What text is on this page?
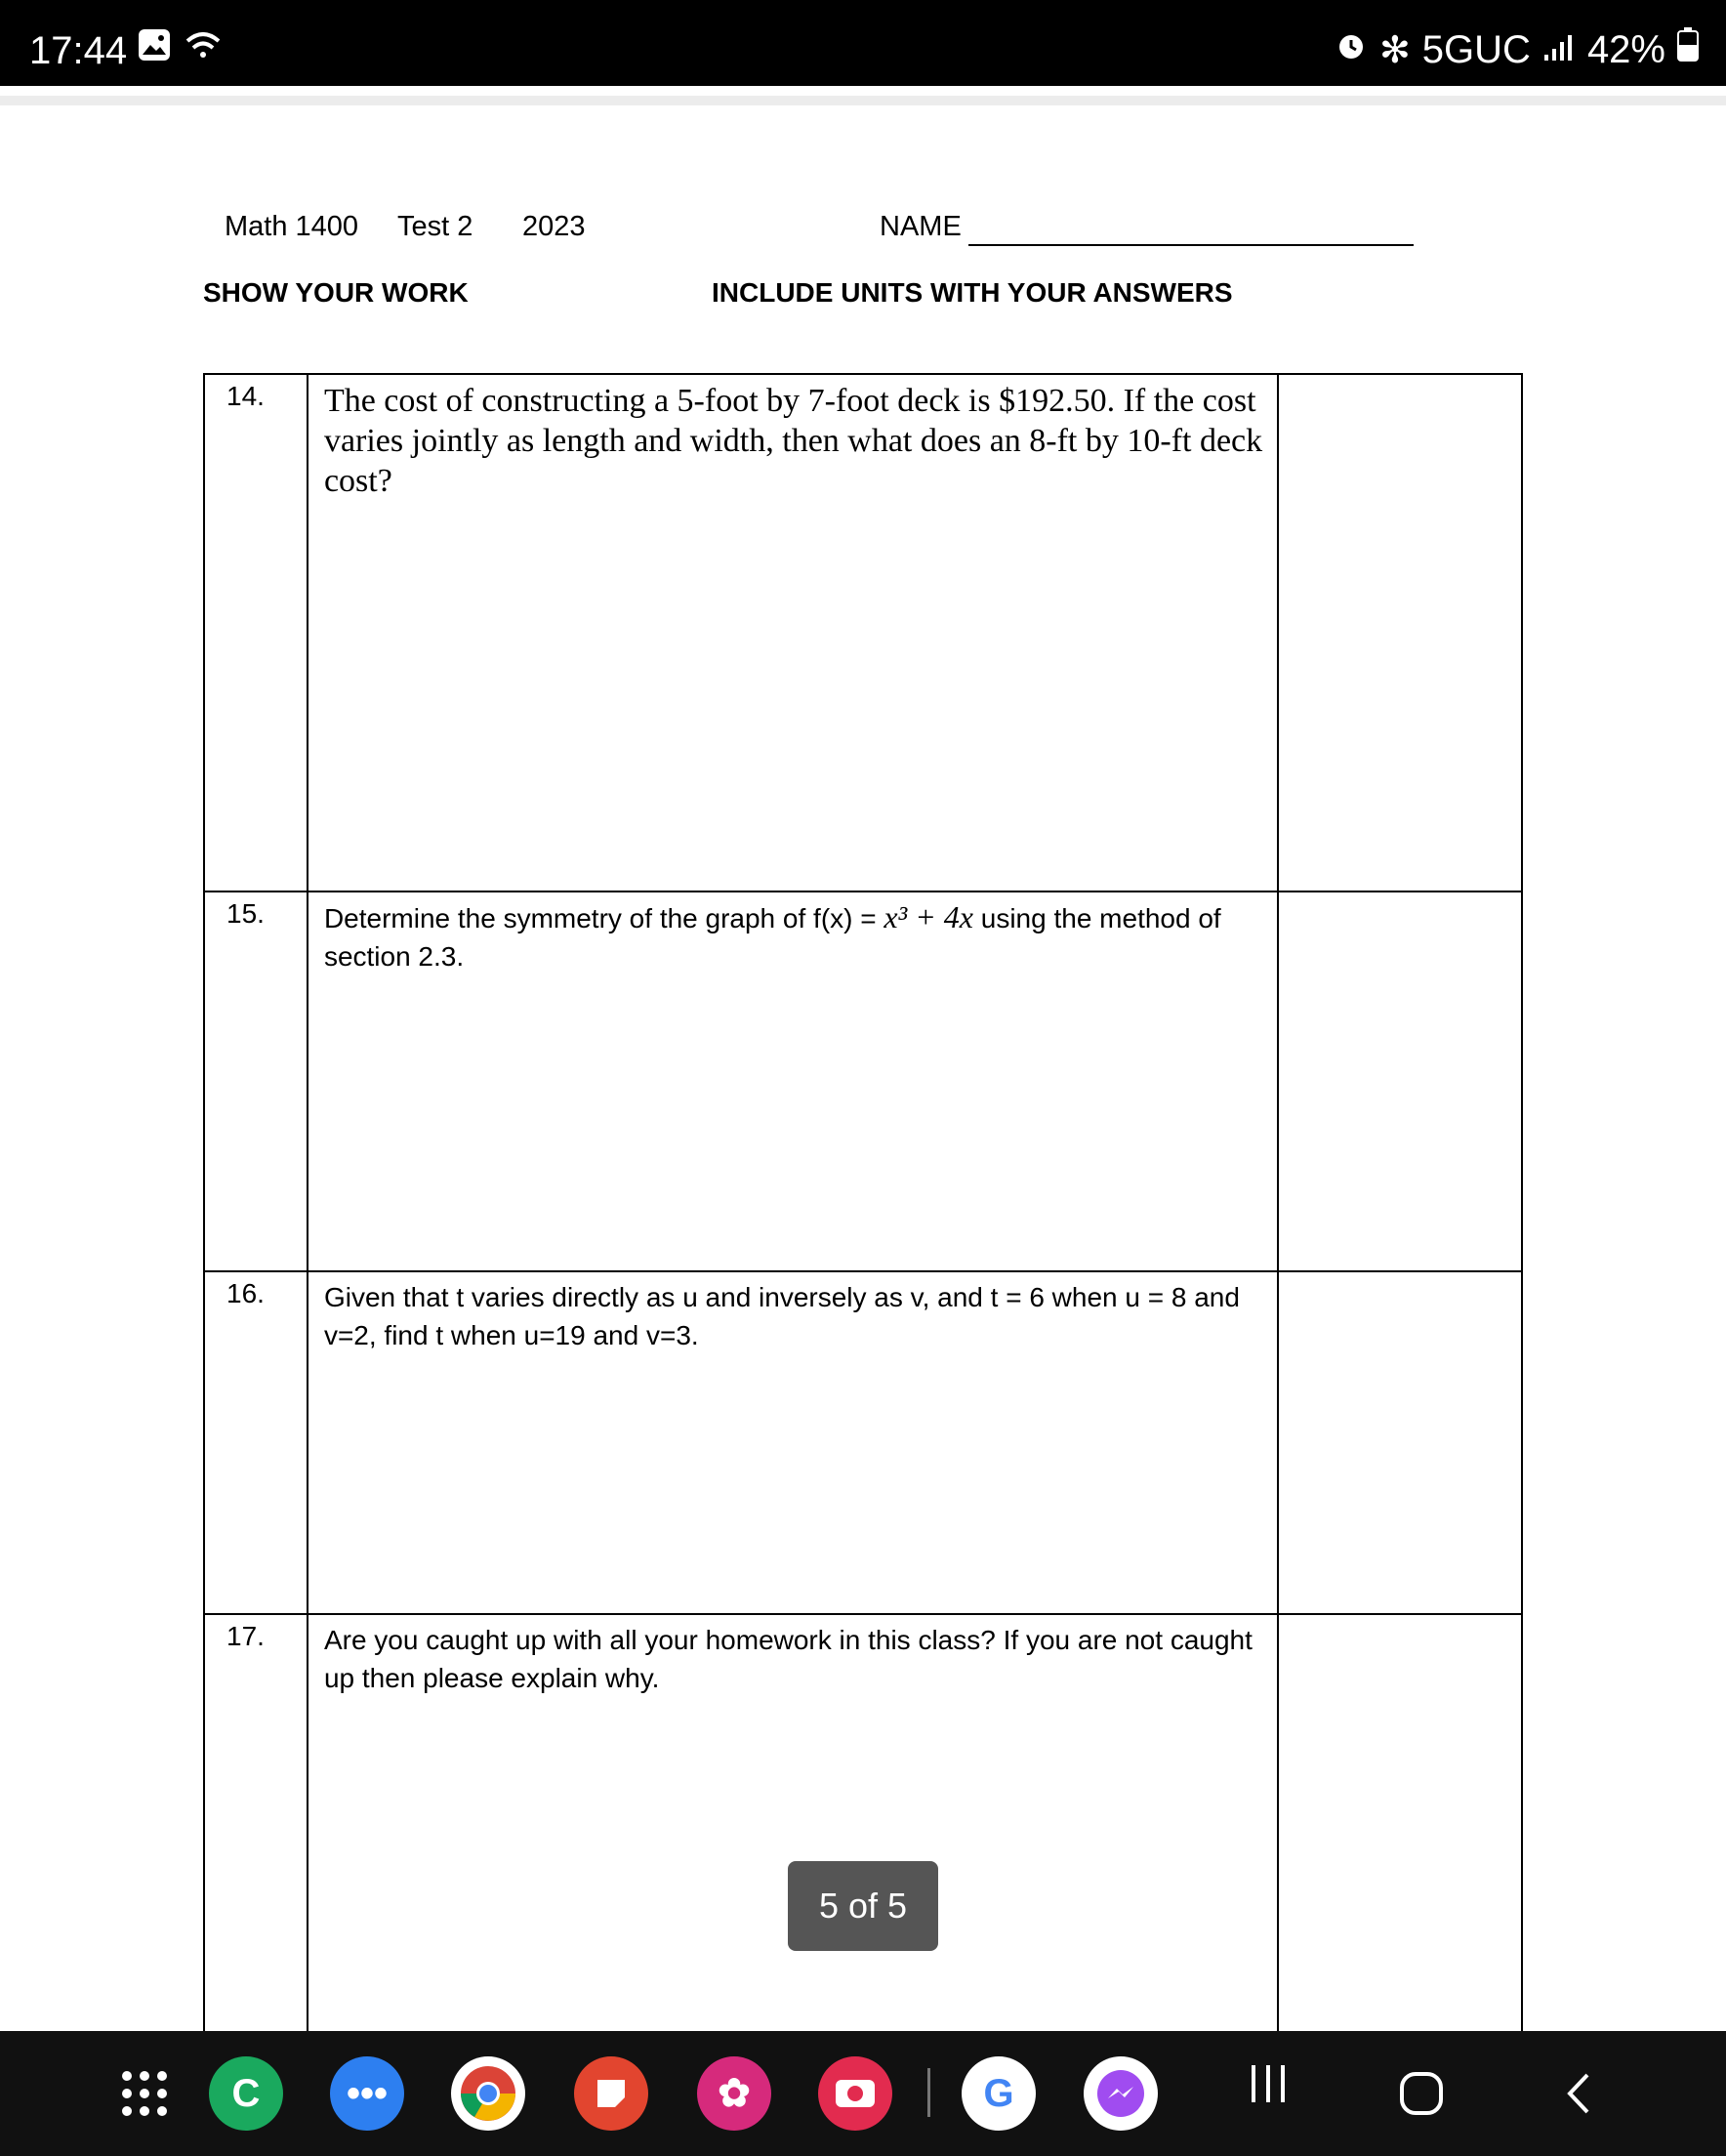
17:44	✻ 5GUC 42%
Math 1400 Test 2 2023	NAME
SHOW YOUR WORK	INCLUDE UNITS WITH YOUR ANSWERS
14.	The cost of constructing a 5-foot by 7-foot deck is $192.50. If the cost varies jointly as length and width, then what does an 8-ft by 10-ft deck cost?	

15.	Determine the symmetry of the graph of f(x) = x³ + 4x using the method of section 2.3.	

16.	Given that t varies directly as u and inversely as v, and t = 6 when u = 8 and v=2, find t when u=19 and v=3.	

17.	Are you caught up with all your homework in this class? If you are not caught up then please explain why.	

5 of 5
C	•••	✿	G
